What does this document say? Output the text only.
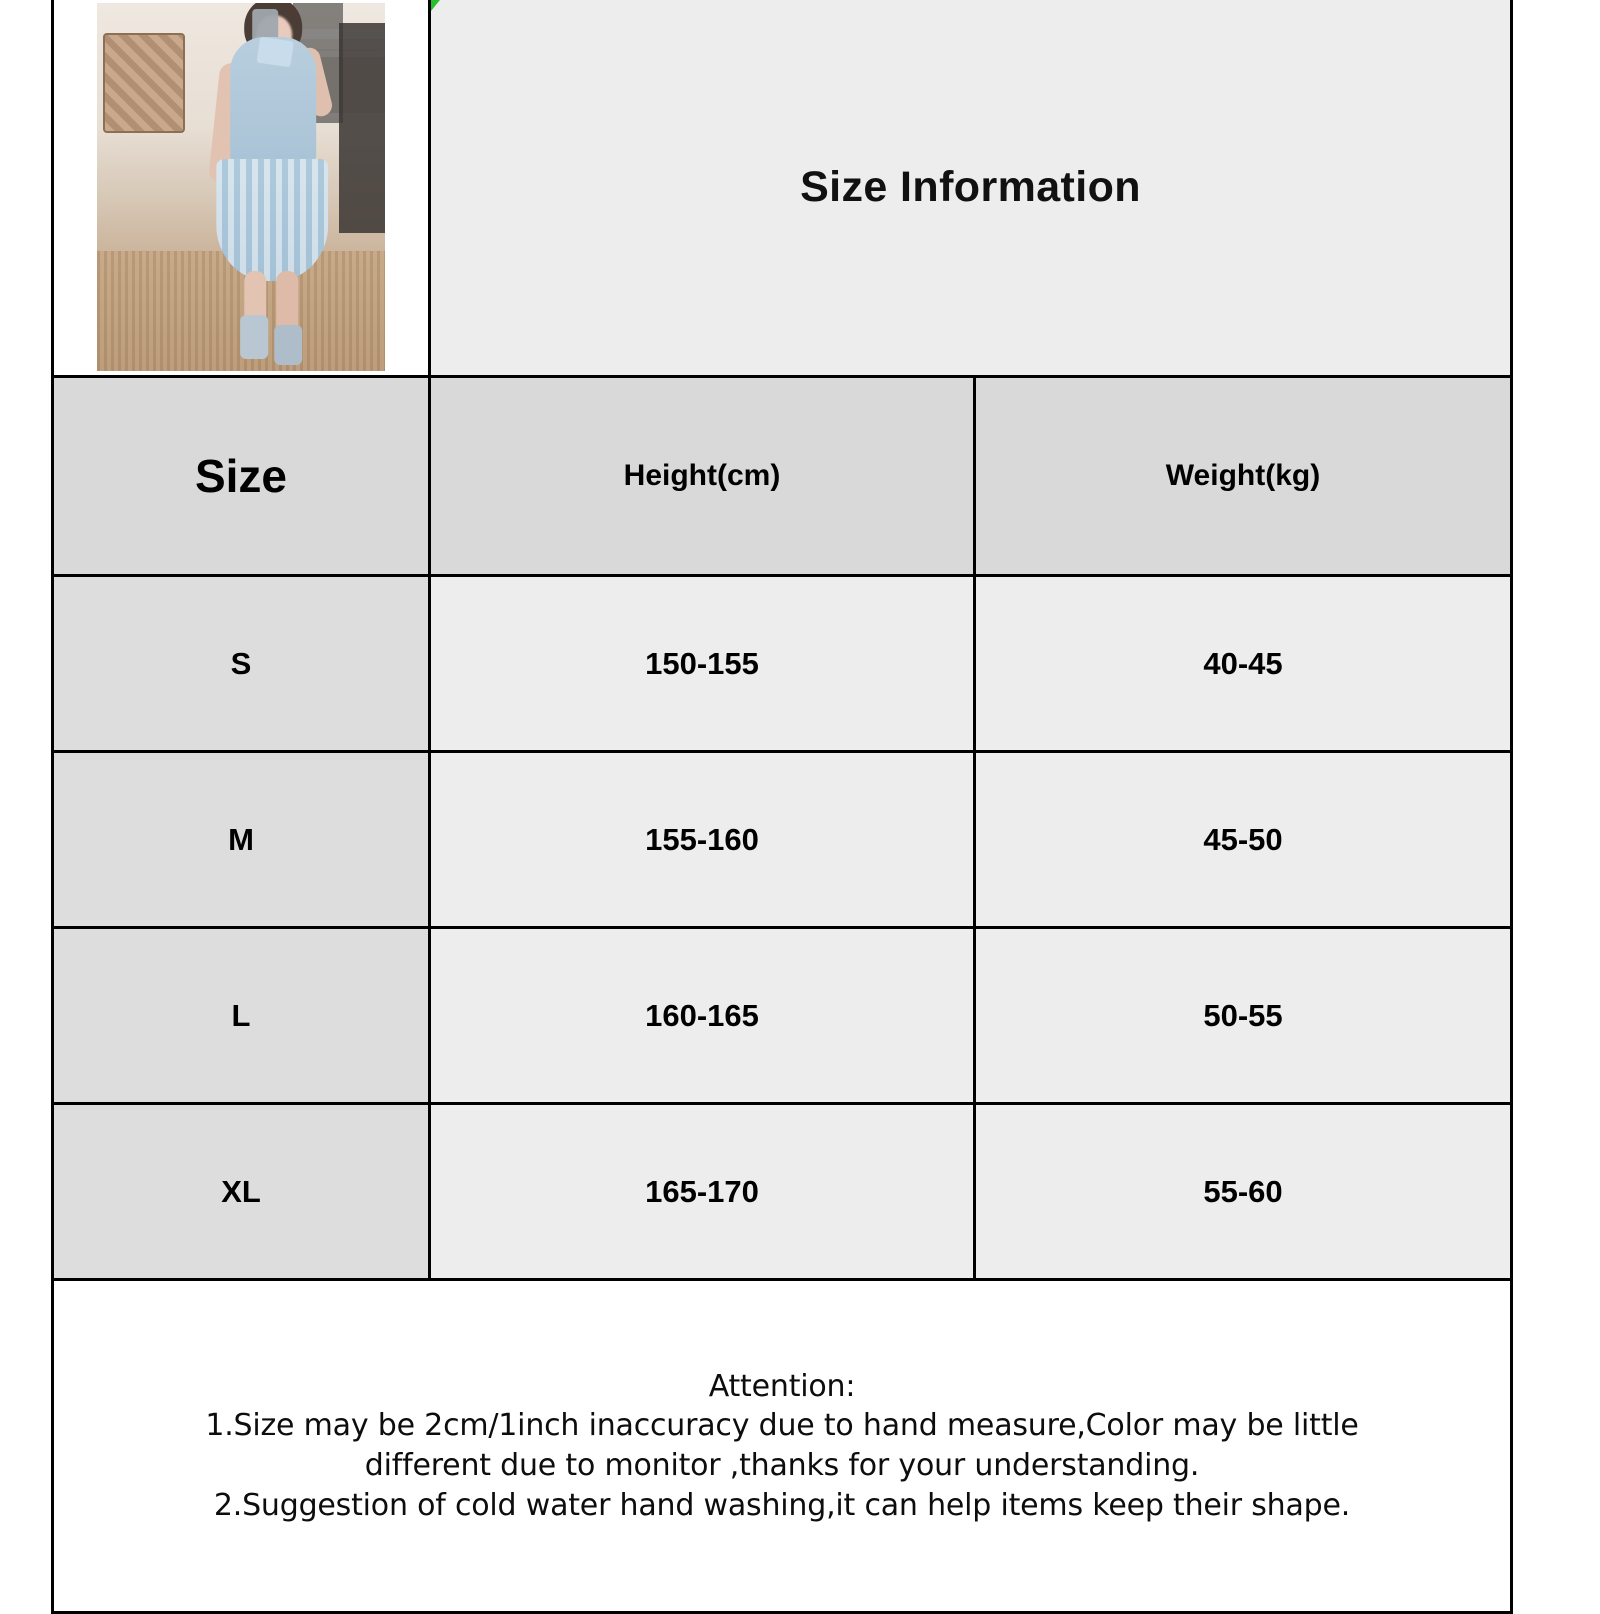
	Size Information	

Size	Height(cm)	Weight(kg)
S	150-155	40-45
M	155-160	45-50
L	160-165	50-55
XL	165-170	55-60

Attention:
1.Size may be 2cm/1inch inaccuracy due to hand measure,Color may be little
different due to monitor ,thanks for your understanding.
2.Suggestion of cold water hand washing,it can help items keep their shape.		
